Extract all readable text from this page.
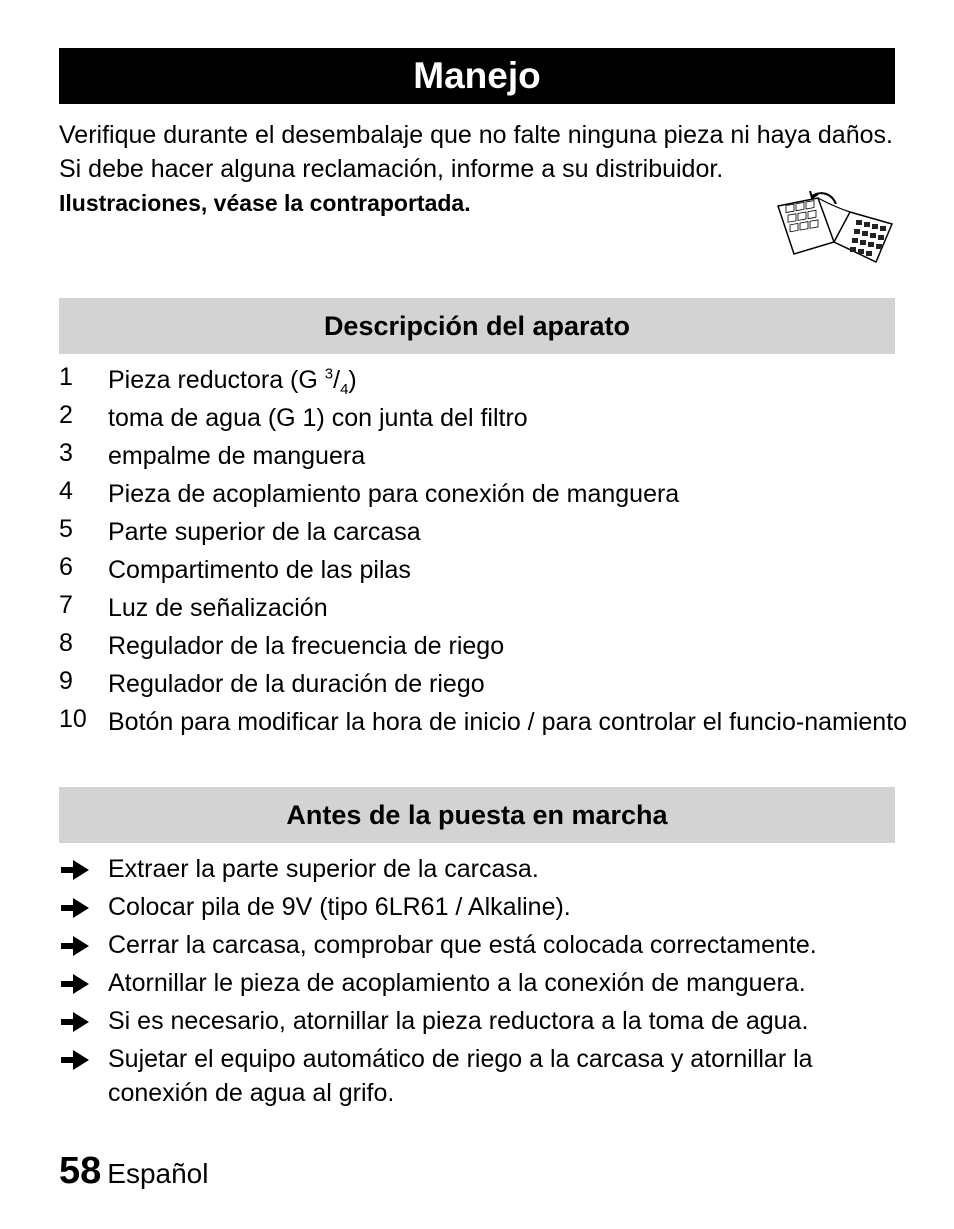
Manejo
Verifique durante el desembalaje que no falte ninguna pieza ni haya daños. Si debe hacer alguna reclamación, informe a su distribuidor.
Ilustraciones, véase la contraportada.
Descripción del aparato
1	Pieza reductora (G $^3/_4$)
2	toma de agua (G 1) con junta del filtro
3	empalme de manguera
4	Pieza de acoplamiento para conexión de manguera
5	Parte superior de la carcasa
6	Compartimento de las pilas
7	Luz de señalización
8	Regulador de la frecuencia de riego
9	Regulador de la duración de riego
10 Botón para modificar la hora de inicio / para controlar el funcio-namiento
Antes de la puesta en marcha
Extraer la parte superior de la carcasa.
Colocar pila de 9V (tipo 6LR61 / Alkaline).
Cerrar la carcasa, comprobar que está colocada correctamente.
Atornillar le pieza de acoplamiento a la conexión de manguera.
Si es necesario, atornillar la pieza reductora a la toma de agua.
Sujetar el equipo automático de riego a la carcasa y atornillar la conexión de agua al grifo.
58 Español
